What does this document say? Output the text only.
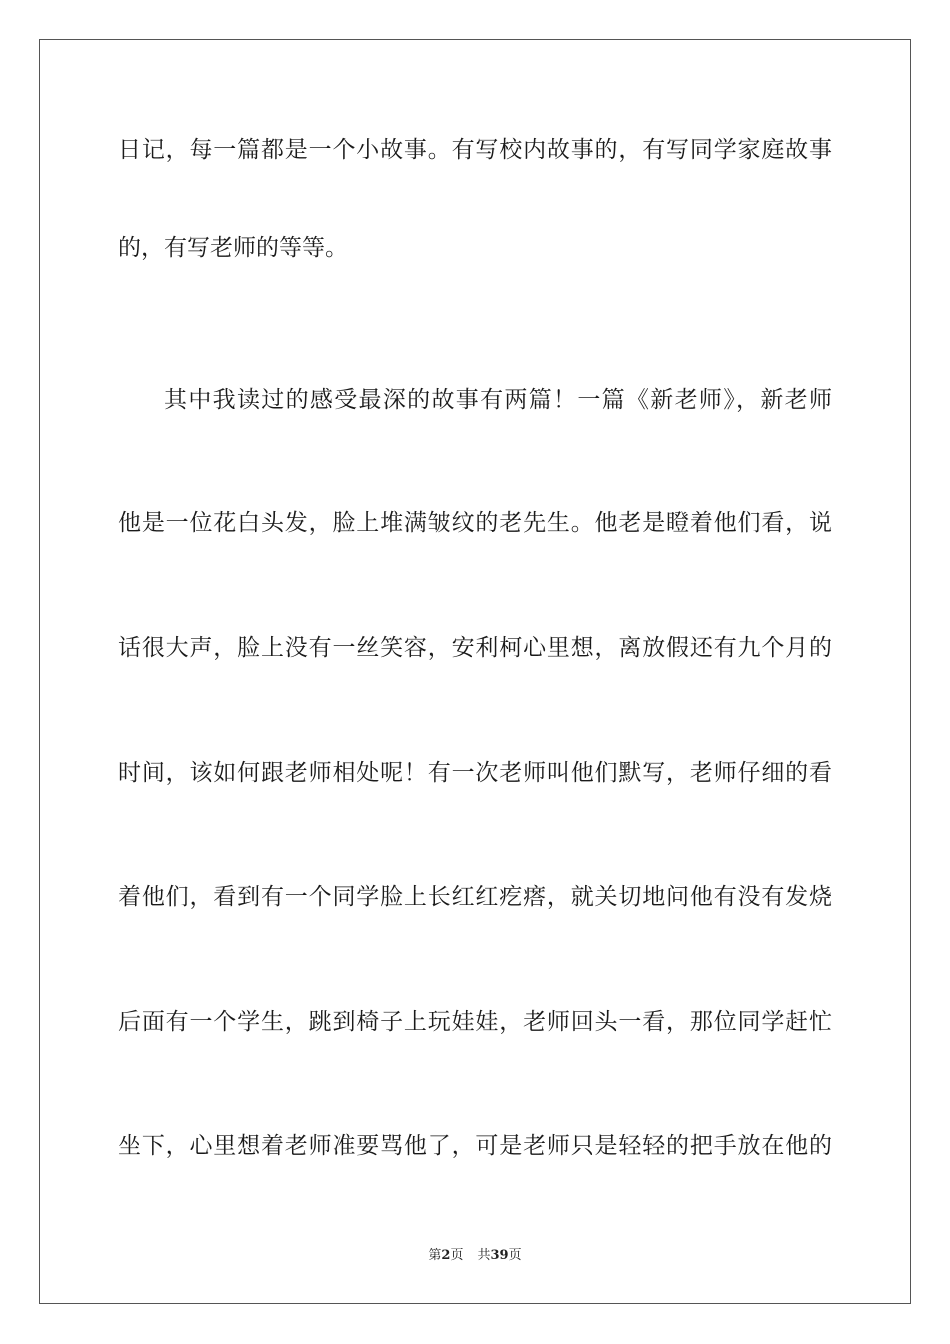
日记，每一篇都是一个小故事。有写校内故事的，有写同学家庭故事
的，有写老师的等等。
其中我读过的感受最深的故事有两篇！一篇《新老师》，新老师
他是一位花白头发，脸上堆满皱纹的老先生。他老是瞪着他们看，说
话很大声，脸上没有一丝笑容，安利柯心里想，离放假还有九个月的
时间，该如何跟老师相处呢！有一次老师叫他们默写，老师仔细的看
着他们，看到有一个同学脸上长红红疙瘩，就关切地问他有没有发烧
后面有一个学生，跳到椅子上玩娃娃，老师回头一看，那位同学赶忙
坐下，心里想着老师准要骂他了，可是老师只是轻轻的把手放在他的
第2页 共39页
